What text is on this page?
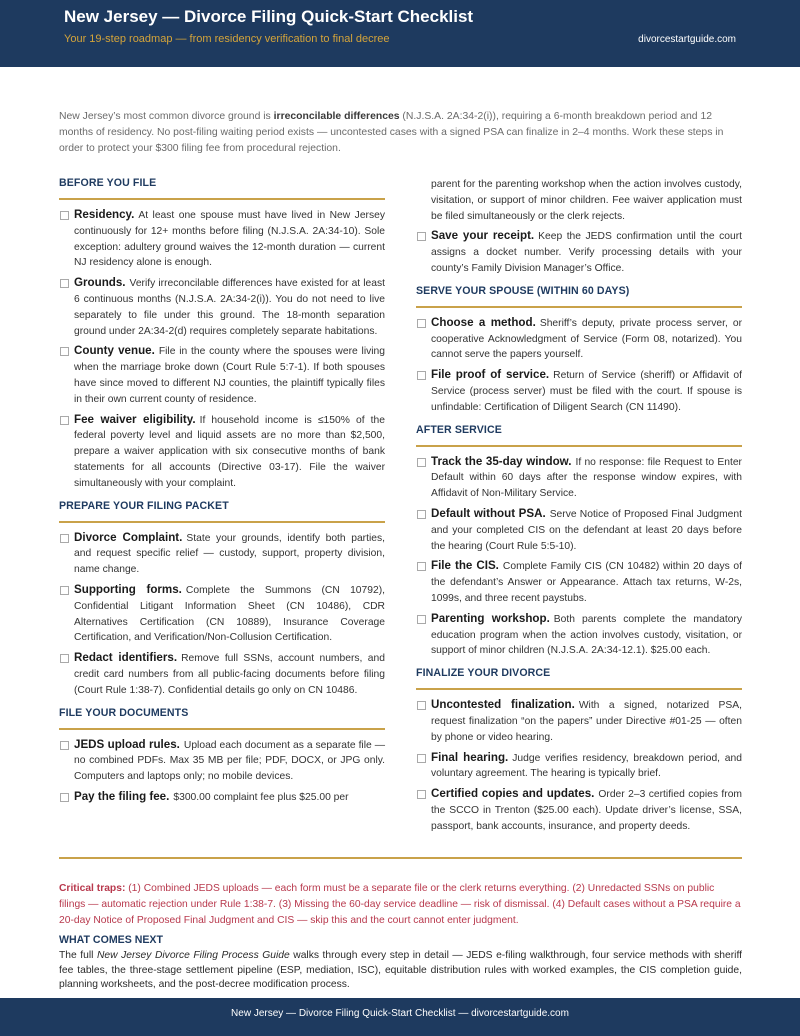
New Jersey — Divorce Filing Quick-Start Checklist
Your 19-step roadmap — from residency verification to final decree	divorcestartguide.com
New Jersey’s most common divorce ground is irreconcilable differences (N.J.S.A. 2A:34-2(i)), requiring a 6-month breakdown period and 12 months of residency. No post-filing waiting period exists — uncontested cases with a signed PSA can finalize in 2–4 months. Work these steps in order to protect your $300 filing fee from procedural rejection.
BEFORE YOU FILE
Residency. At least one spouse must have lived in New Jersey continuously for 12+ months before filing (N.J.S.A. 2A:34-10). Sole exception: adultery ground waives the 12-month duration — current NJ residency alone is enough.
Grounds. Verify irreconcilable differences have existed for at least 6 continuous months (N.J.S.A. 2A:34-2(i)). You do not need to live separately to file under this ground. The 18-month separation ground under 2A:34-2(d) requires completely separate habitations.
County venue. File in the county where the spouses were living when the marriage broke down (Court Rule 5:7-1). If both spouses have since moved to different NJ counties, the plaintiff typically files in their own current county of residence.
Fee waiver eligibility. If household income is ≤150% of the federal poverty level and liquid assets are no more than $2,500, prepare a waiver application with six consecutive months of bank statements for all accounts (Directive 03-17). File the waiver simultaneously with your complaint.
PREPARE YOUR FILING PACKET
Divorce Complaint. State your grounds, identify both parties, and request specific relief — custody, support, property division, name change.
Supporting forms. Complete the Summons (CN 10792), Confidential Litigant Information Sheet (CN 10486), CDR Alternatives Certification (CN 10889), Insurance Coverage Certification, and Verification/Non-Collusion Certification.
Redact identifiers. Remove full SSNs, account numbers, and credit card numbers from all public-facing documents before filing (Court Rule 1:38-7). Confidential details go only on CN 10486.
FILE YOUR DOCUMENTS
JEDS upload rules. Upload each document as a separate file — no combined PDFs. Max 35 MB per file; PDF, DOCX, or JPG only. Computers and laptops only; no mobile devices.
Pay the filing fee. $300.00 complaint fee plus $25.00 per
parent for the parenting workshop when the action involves custody, visitation, or support of minor children. Fee waiver application must be filed simultaneously or the clerk rejects.
Save your receipt. Keep the JEDS confirmation until the court assigns a docket number. Verify processing details with your county’s Family Division Manager’s Office.
SERVE YOUR SPOUSE (WITHIN 60 DAYS)
Choose a method. Sheriff’s deputy, private process server, or cooperative Acknowledgment of Service (Form 08, notarized). You cannot serve the papers yourself.
File proof of service. Return of Service (sheriff) or Affidavit of Service (process server) must be filed with the court. If spouse is unfindable: Certification of Diligent Search (CN 11490).
AFTER SERVICE
Track the 35-day window. If no response: file Request to Enter Default within 60 days after the response window expires, with Affidavit of Non-Military Service.
Default without PSA. Serve Notice of Proposed Final Judgment and your completed CIS on the defendant at least 20 days before the hearing (Court Rule 5:5-10).
File the CIS. Complete Family CIS (CN 10482) within 20 days of the defendant’s Answer or Appearance. Attach tax returns, W-2s, 1099s, and three recent paystubs.
Parenting workshop. Both parents complete the mandatory education program when the action involves custody, visitation, or support of minor children (N.J.S.A. 2A:34-12.1). $25.00 each.
FINALIZE YOUR DIVORCE
Uncontested finalization. With a signed, notarized PSA, request finalization “on the papers” under Directive #01-25 — often by phone or video hearing.
Final hearing. Judge verifies residency, breakdown period, and voluntary agreement. The hearing is typically brief.
Certified copies and updates. Order 2–3 certified copies from the SCCO in Trenton ($25.00 each). Update driver’s license, SSA, passport, bank accounts, insurance, and property deeds.
Critical traps: (1) Combined JEDS uploads — each form must be a separate file or the clerk returns everything. (2) Unredacted SSNs on public filings — automatic rejection under Rule 1:38-7. (3) Missing the 60-day service deadline — risk of dismissal. (4) Default cases without a PSA require a 20-day Notice of Proposed Final Judgment and CIS — skip this and the court cannot enter judgment.
WHAT COMES NEXT
The full New Jersey Divorce Filing Process Guide walks through every step in detail — JEDS e-filing walkthrough, four service methods with sheriff fee tables, the three-stage settlement pipeline (ESP, mediation, ISC), equitable distribution rules with worked examples, the CIS completion guide, planning worksheets, and the post-decree modification process.
New Jersey — Divorce Filing Quick-Start Checklist — divorcestartguide.com
